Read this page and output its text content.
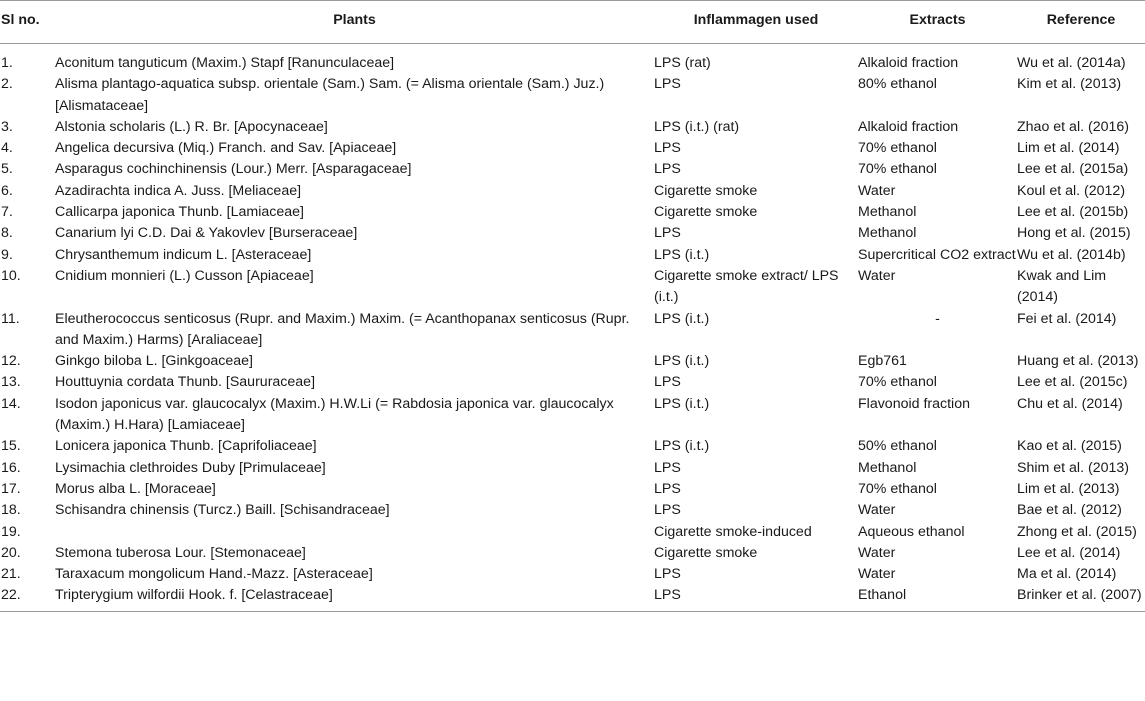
Sl no.	Plants	Inflammagen used	Extracts	Reference
1.	Aconitum tanguticum (Maxim.) Stapf [Ranunculaceae]	LPS (rat)	Alkaloid fraction	Wu et al. (2014a)
2.	Alisma plantago-aquatica subsp. orientale (Sam.) Sam. (= Alisma orientale (Sam.) Juz.) [Alismataceae]	LPS	80% ethanol	Kim et al. (2013)
3.	Alstonia scholaris (L.) R. Br. [Apocynaceae]	LPS (i.t.) (rat)	Alkaloid fraction	Zhao et al. (2016)
4.	Angelica decursiva (Miq.) Franch. and Sav. [Apiaceae]	LPS	70% ethanol	Lim et al. (2014)
5.	Asparagus cochinchinensis (Lour.) Merr. [Asparagaceae]	LPS	70% ethanol	Lee et al. (2015a)
6.	Azadirachta indica A. Juss. [Meliaceae]	Cigarette smoke	Water	Koul et al. (2012)
7.	Callicarpa japonica Thunb. [Lamiaceae]	Cigarette smoke	Methanol	Lee et al. (2015b)
8.	Canarium lyi C.D. Dai & Yakovlev [Burseraceae]	LPS	Methanol	Hong et al. (2015)
9.	Chrysanthemum indicum L. [Asteraceae]	LPS (i.t.)	Supercritical CO2 extract	Wu et al. (2014b)
10.	Cnidium monnieri (L.) Cusson [Apiaceae]	Cigarette smoke extract/ LPS (i.t.)	Water	Kwak and Lim (2014)
11.	Eleutherococcus senticosus (Rupr. and Maxim.) Maxim. (= Acanthopanax senticosus (Rupr. and Maxim.) Harms) [Araliaceae]	LPS (i.t.)	-	Fei et al. (2014)
12.	Ginkgo biloba L. [Ginkgoaceae]	LPS (i.t.)	Egb761	Huang et al. (2013)
13.	Houttuynia cordata Thunb. [Saururaceae]	LPS	70% ethanol	Lee et al. (2015c)
14.	Isodon japonicus var. glaucocalyx (Maxim.) H.W.Li (= Rabdosia japonica var. glaucocalyx (Maxim.) H.Hara) [Lamiaceae]	LPS (i.t.)	Flavonoid fraction	Chu et al. (2014)
15.	Lonicera japonica Thunb. [Caprifoliaceae]	LPS (i.t.)	50% ethanol	Kao et al. (2015)
16.	Lysimachia clethroides Duby [Primulaceae]	LPS	Methanol	Shim et al. (2013)
17.	Morus alba L. [Moraceae]	LPS	70% ethanol	Lim et al. (2013)
18.	Schisandra chinensis (Turcz.) Baill. [Schisandraceae]	LPS	Water	Bae et al. (2012)
19.		Cigarette smoke-induced	Aqueous ethanol	Zhong et al. (2015)
20.	Stemona tuberosa Lour. [Stemonaceae]	Cigarette smoke	Water	Lee et al. (2014)
21.	Taraxacum mongolicum Hand.-Mazz. [Asteraceae]	LPS	Water	Ma et al. (2014)
22.	Tripterygium wilfordii Hook. f. [Celastraceae]	LPS	Ethanol	Brinker et al. (2007)
